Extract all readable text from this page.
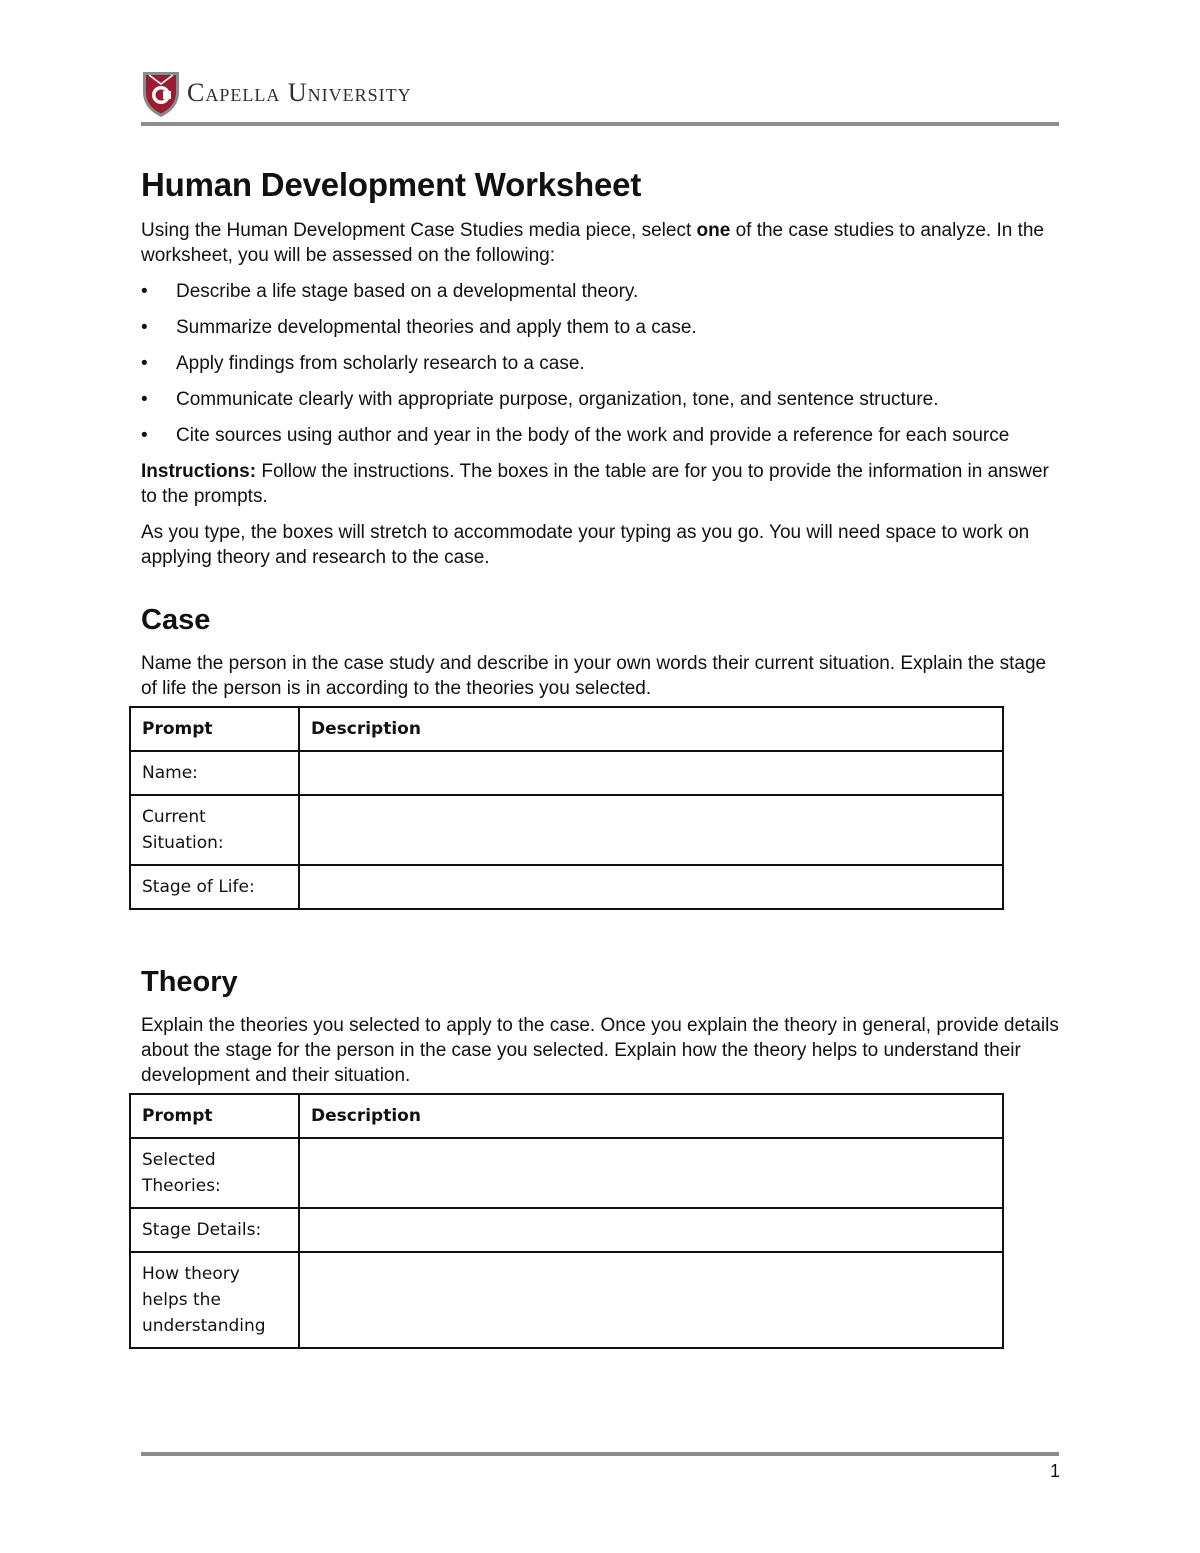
Capella University
Human Development Worksheet

Using the Human Development Case Studies media piece, select one of the case studies to analyze. In the worksheet, you will be assessed on the following:

• Describe a life stage based on a developmental theory.
• Summarize developmental theories and apply them to a case.
• Apply findings from scholarly research to a case.
• Communicate clearly with appropriate purpose, organization, tone, and sentence structure.
• Cite sources using author and year in the body of the work and provide a reference for each source

Instructions: Follow the instructions. The boxes in the table are for you to provide the information in answer to the prompts.

As you type, the boxes will stretch to accommodate your typing as you go. You will need space to work on applying theory and research to the case.

Case

Name the person in the case study and describe in your own words their current situation. Explain the stage of life the person is in according to the theories you selected.

Prompt	Description
Name:	
Current Situation:	
Stage of Life:	
Theory

Explain the theories you selected to apply to the case. Once you explain the theory in general, provide details about the stage for the person in the case you selected. Explain how the theory helps to understand their development and their situation.

Prompt	Description
Selected Theories:	
Stage Details:	
How theory helps the understanding	
1
